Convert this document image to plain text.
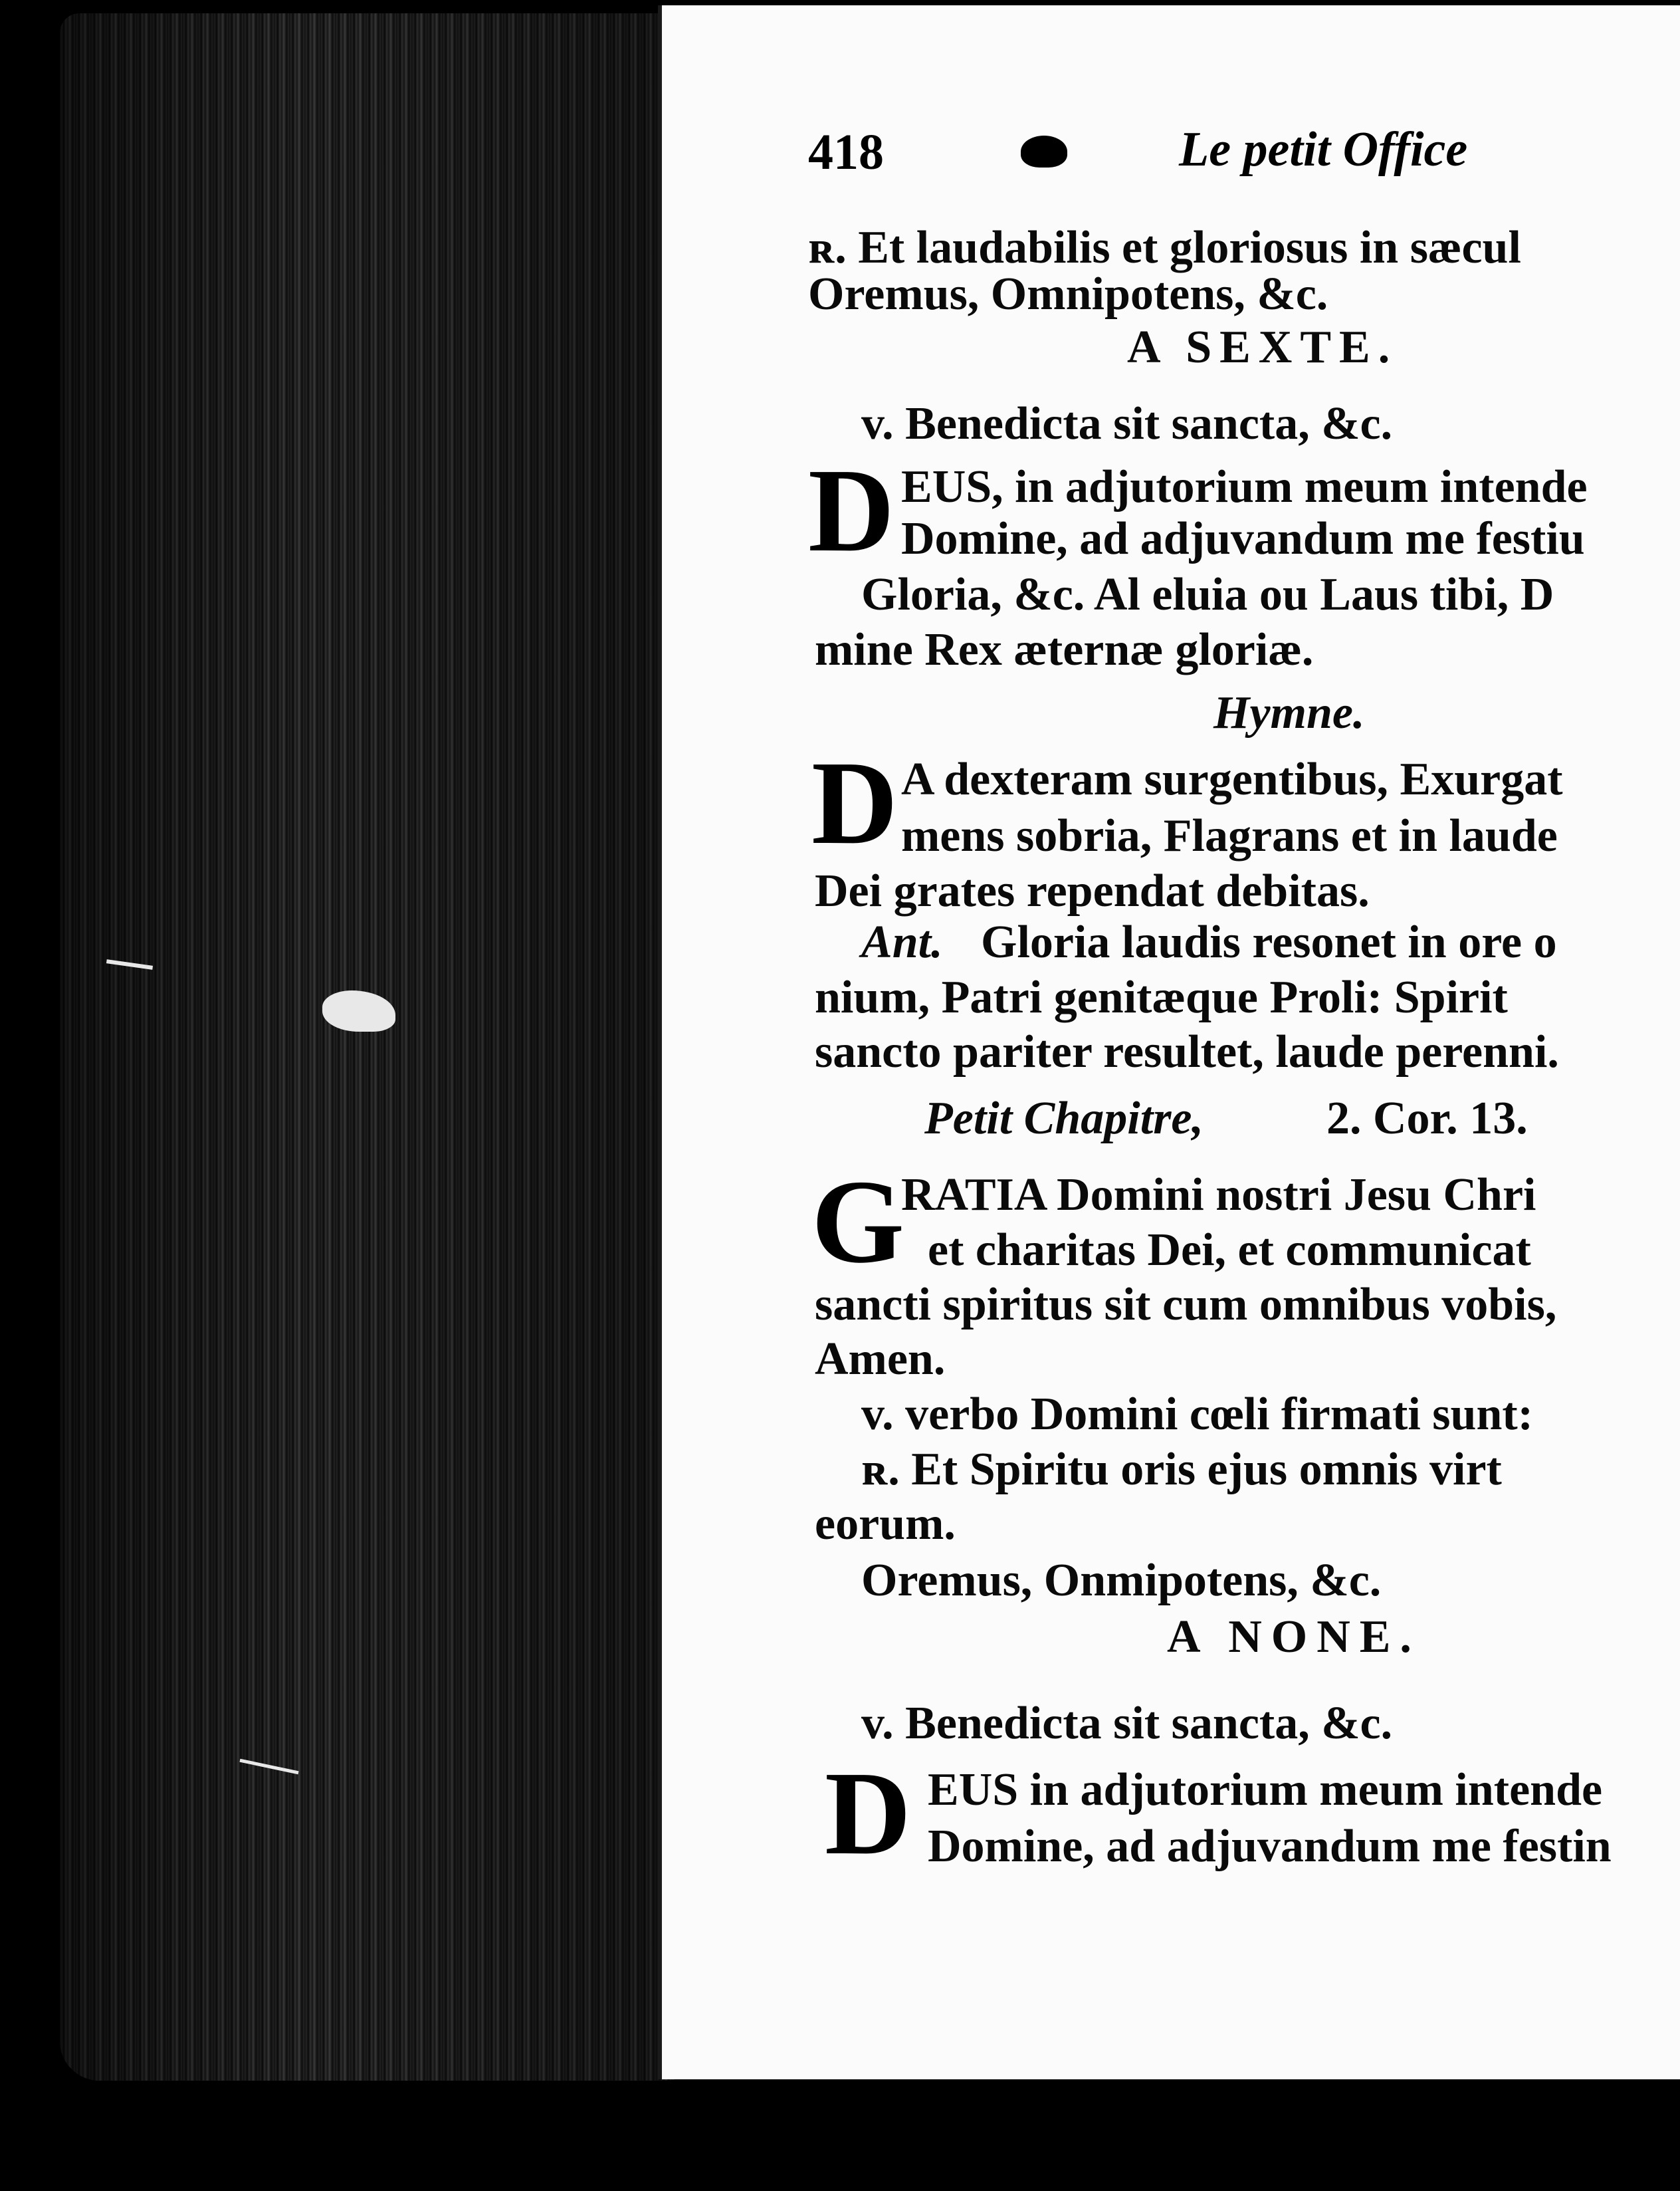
418	Le petit Office
ʀ. Et laudabilis et gloriosus in sæcul
Oremus, Omnipotens, &c.
A SEXTE.
v. Benedicta sit sancta, &c.
D EUS, in adjutorium meum intende
Domine, ad adjuvandum me festiu
Gloria, &c. Al eluia ou Laus tibi, D
mine Rex æternæ gloriæ.
Hymne.
D A dexteram surgentibus, Exurgat
mens sobria, Flagrans et in laude
Dei grates rependat debitas.
Ant. Gloria laudis resonet in ore o
nium, Patri genitæque Proli: Spirit
sancto pariter resultet, laude perenni.
Petit Chapitre,	2. Cor. 13.
G
RATIA Domini nostri Jesu Chri
et charitas Dei, et communicat
sancti spiritus sit cum omnibus vobis,
Amen.
v. verbo Domini cœli firmati sunt:
ʀ. Et Spiritu oris ejus omnis virt
eorum.
Oremus, Onmipotens, &c.
A NONE.
v. Benedicta sit sancta, &c.
D EUS in adjutorium meum intende
Domine, ad adjuvandum me festin
